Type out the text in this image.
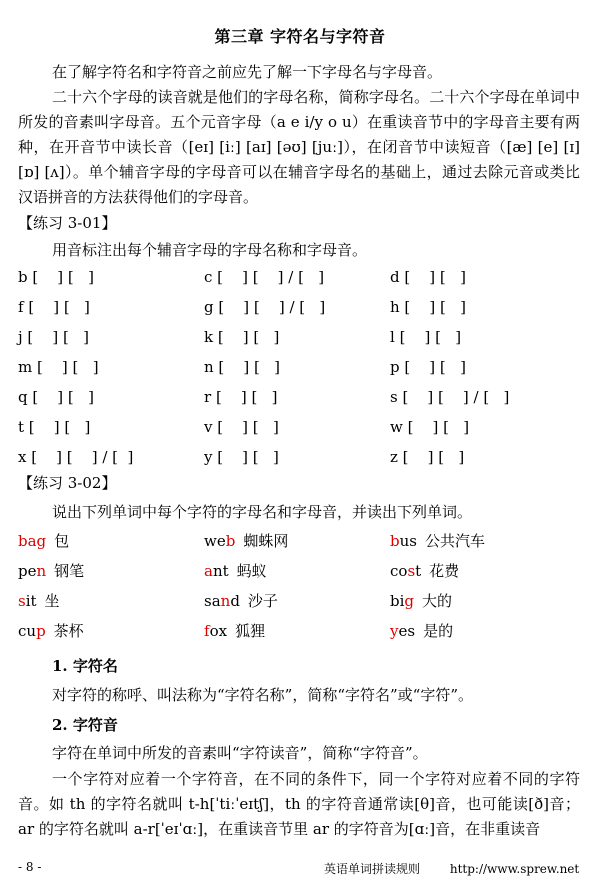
第三章 字符名与字符音
在了解字符名和字符音之前应先了解一下字母名与字母音。
二十六个字母的读音就是他们的字母名称，简称字母名。二十六个字母在单词中所发的音素叫字母音。五个元音字母（a e i/y o u）在重读音节中的字母音主要有两种，在开音节中读长音（[eɪ] [iː] [aɪ] [əʊ] [juː]），在闭音节中读短音（[æ] [e] [ɪ] [ɒ] [ʌ]）。单个辅音字母的字母音可以在辅音字母名的基础上，通过去除元音或类比汉语拼音的方法获得他们的字母音。
【练习 3-01】
用音标注出每个辅音字母的字母名称和字母音。
b [    ] [   ]	c [    ] [    ] / [   ]	d [    ] [   ]
f [    ] [   ]	g [    ] [    ] / [   ]	h [    ] [   ]
j [    ] [   ]	k [    ] [   ]	l [    ] [   ]
m [    ] [   ]	n [    ] [   ]	p [    ] [   ]
q [    ] [   ]	r [    ] [   ]	s [    ] [    ] / [   ]
t [    ] [   ]	v [    ] [   ]	w [    ] [   ]
x [    ] [    ] / [  ]	y [    ] [   ]	z [    ] [   ]
【练习 3-02】
说出下列单词中每个字符的字母名和字母音，并读出下列单词。
bag 包	web 蜘蛛网	bus 公共汽车
pen 钢笔	ant 蚂蚁	cost 花费
sit 坐	sand 沙子	big 大的
cup 茶杯	fox 狐狸	yes 是的
1. 字符名
对字符的称呼、叫法称为“字符名称”，简称“字符名”或“字符”。
2. 字符音
字符在单词中所发的音素叫“字符读音”，简称“字符音”。
一个字符对应着一个字符音，在不同的条件下，同一个字符对应着不同的字符音。如 th 的字符名就叫 t-h[ˈtiːˈeɪtʃ]，th 的字符音通常读[θ]音，也可能读[ð]音；ar 的字符名就叫 a-r[ˈeɪˈɑː]，在重读音节里 ar 的字符音为[ɑː]音，在非重读音
- 8 -	英语单词拼读规则 http://www.sprew.net
